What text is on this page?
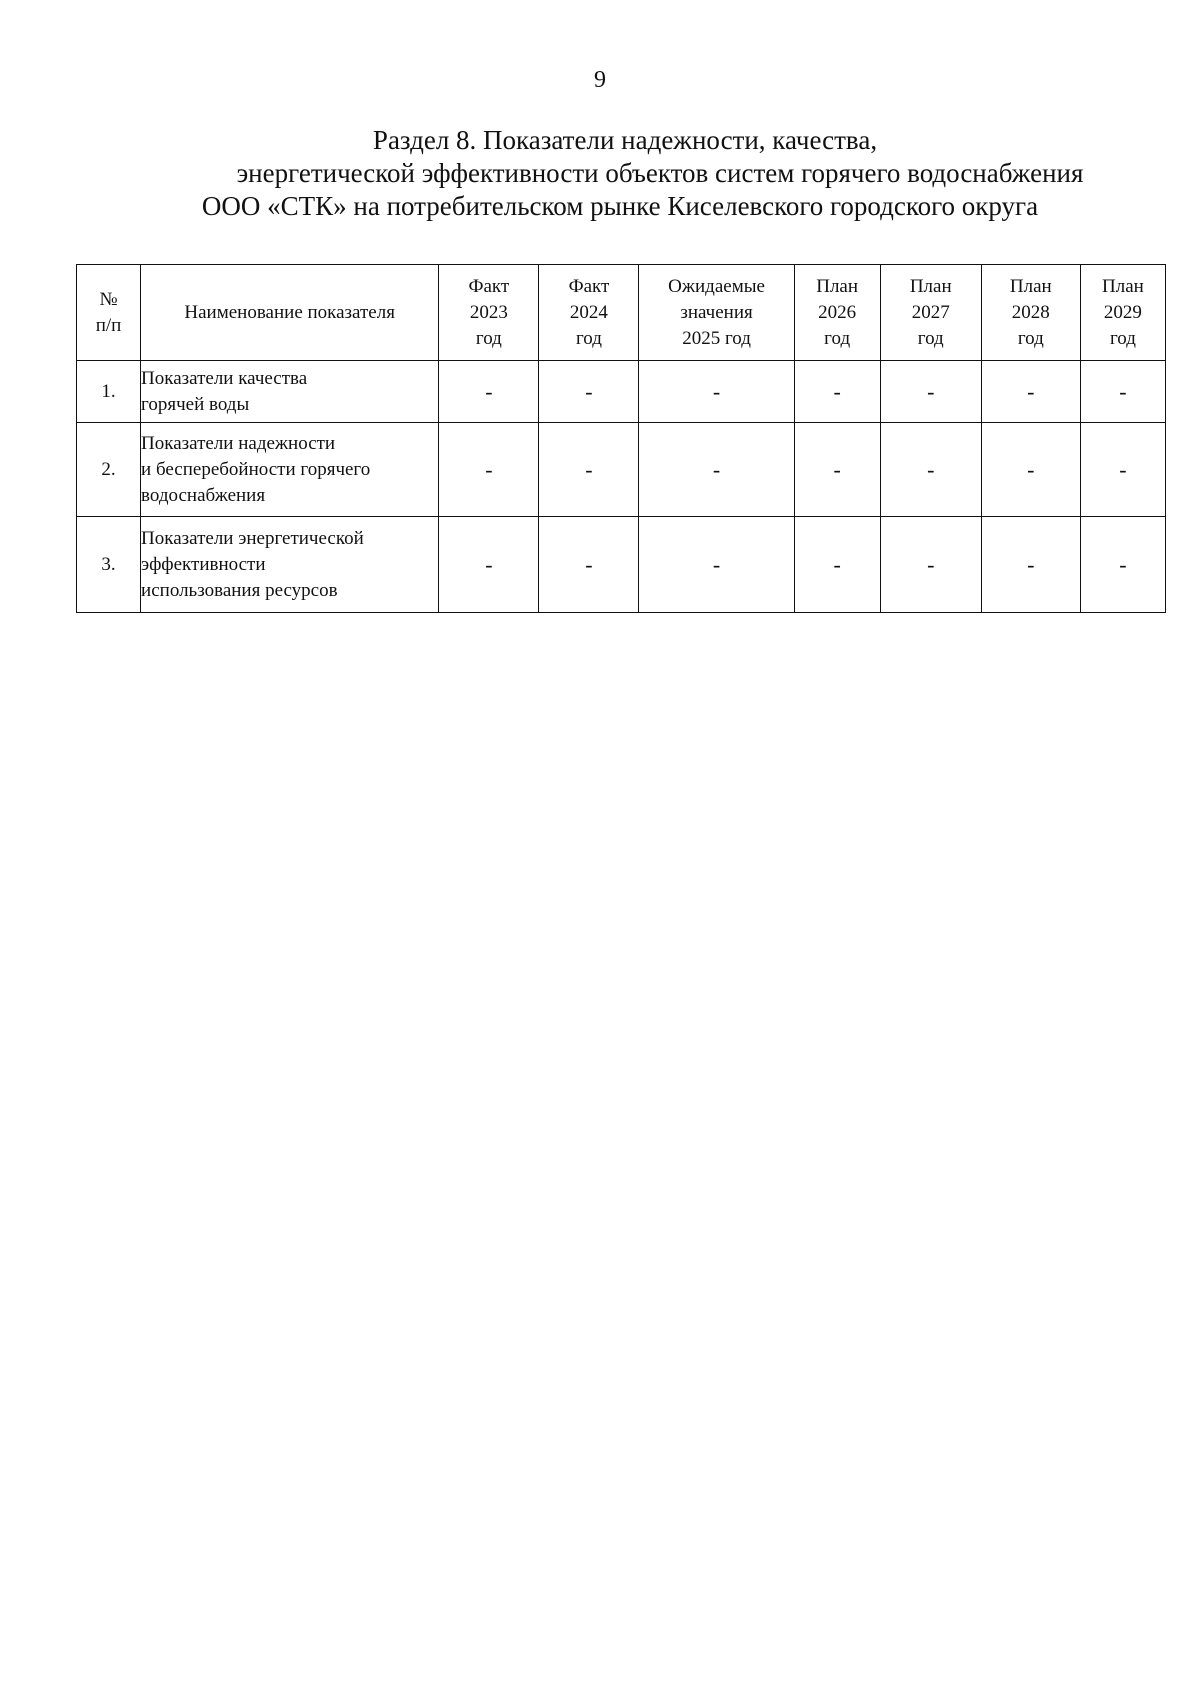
9
Раздел 8. Показатели надежности, качества,
энергетической эффективности объектов систем горячего водоснабжения
ООО «СТК» на потребительском рынке Киселевского городского округа
№
п/п	Наименование показателя	Факт
2023
год	Факт
2024
год	Ожидаемые
значения
2025 год	План
2026
год	План
2027
год	План
2028
год	План
2029
год

1.	Показатели качества
горячей воды	-	-	-	-	-	-	-
2.	Показатели надежности
и бесперебойности горячего
водоснабжения	-	-	-	-	-	-	-
3.	Показатели энергетической
эффективности
использования ресурсов	-	-	-	-	-	-	-
